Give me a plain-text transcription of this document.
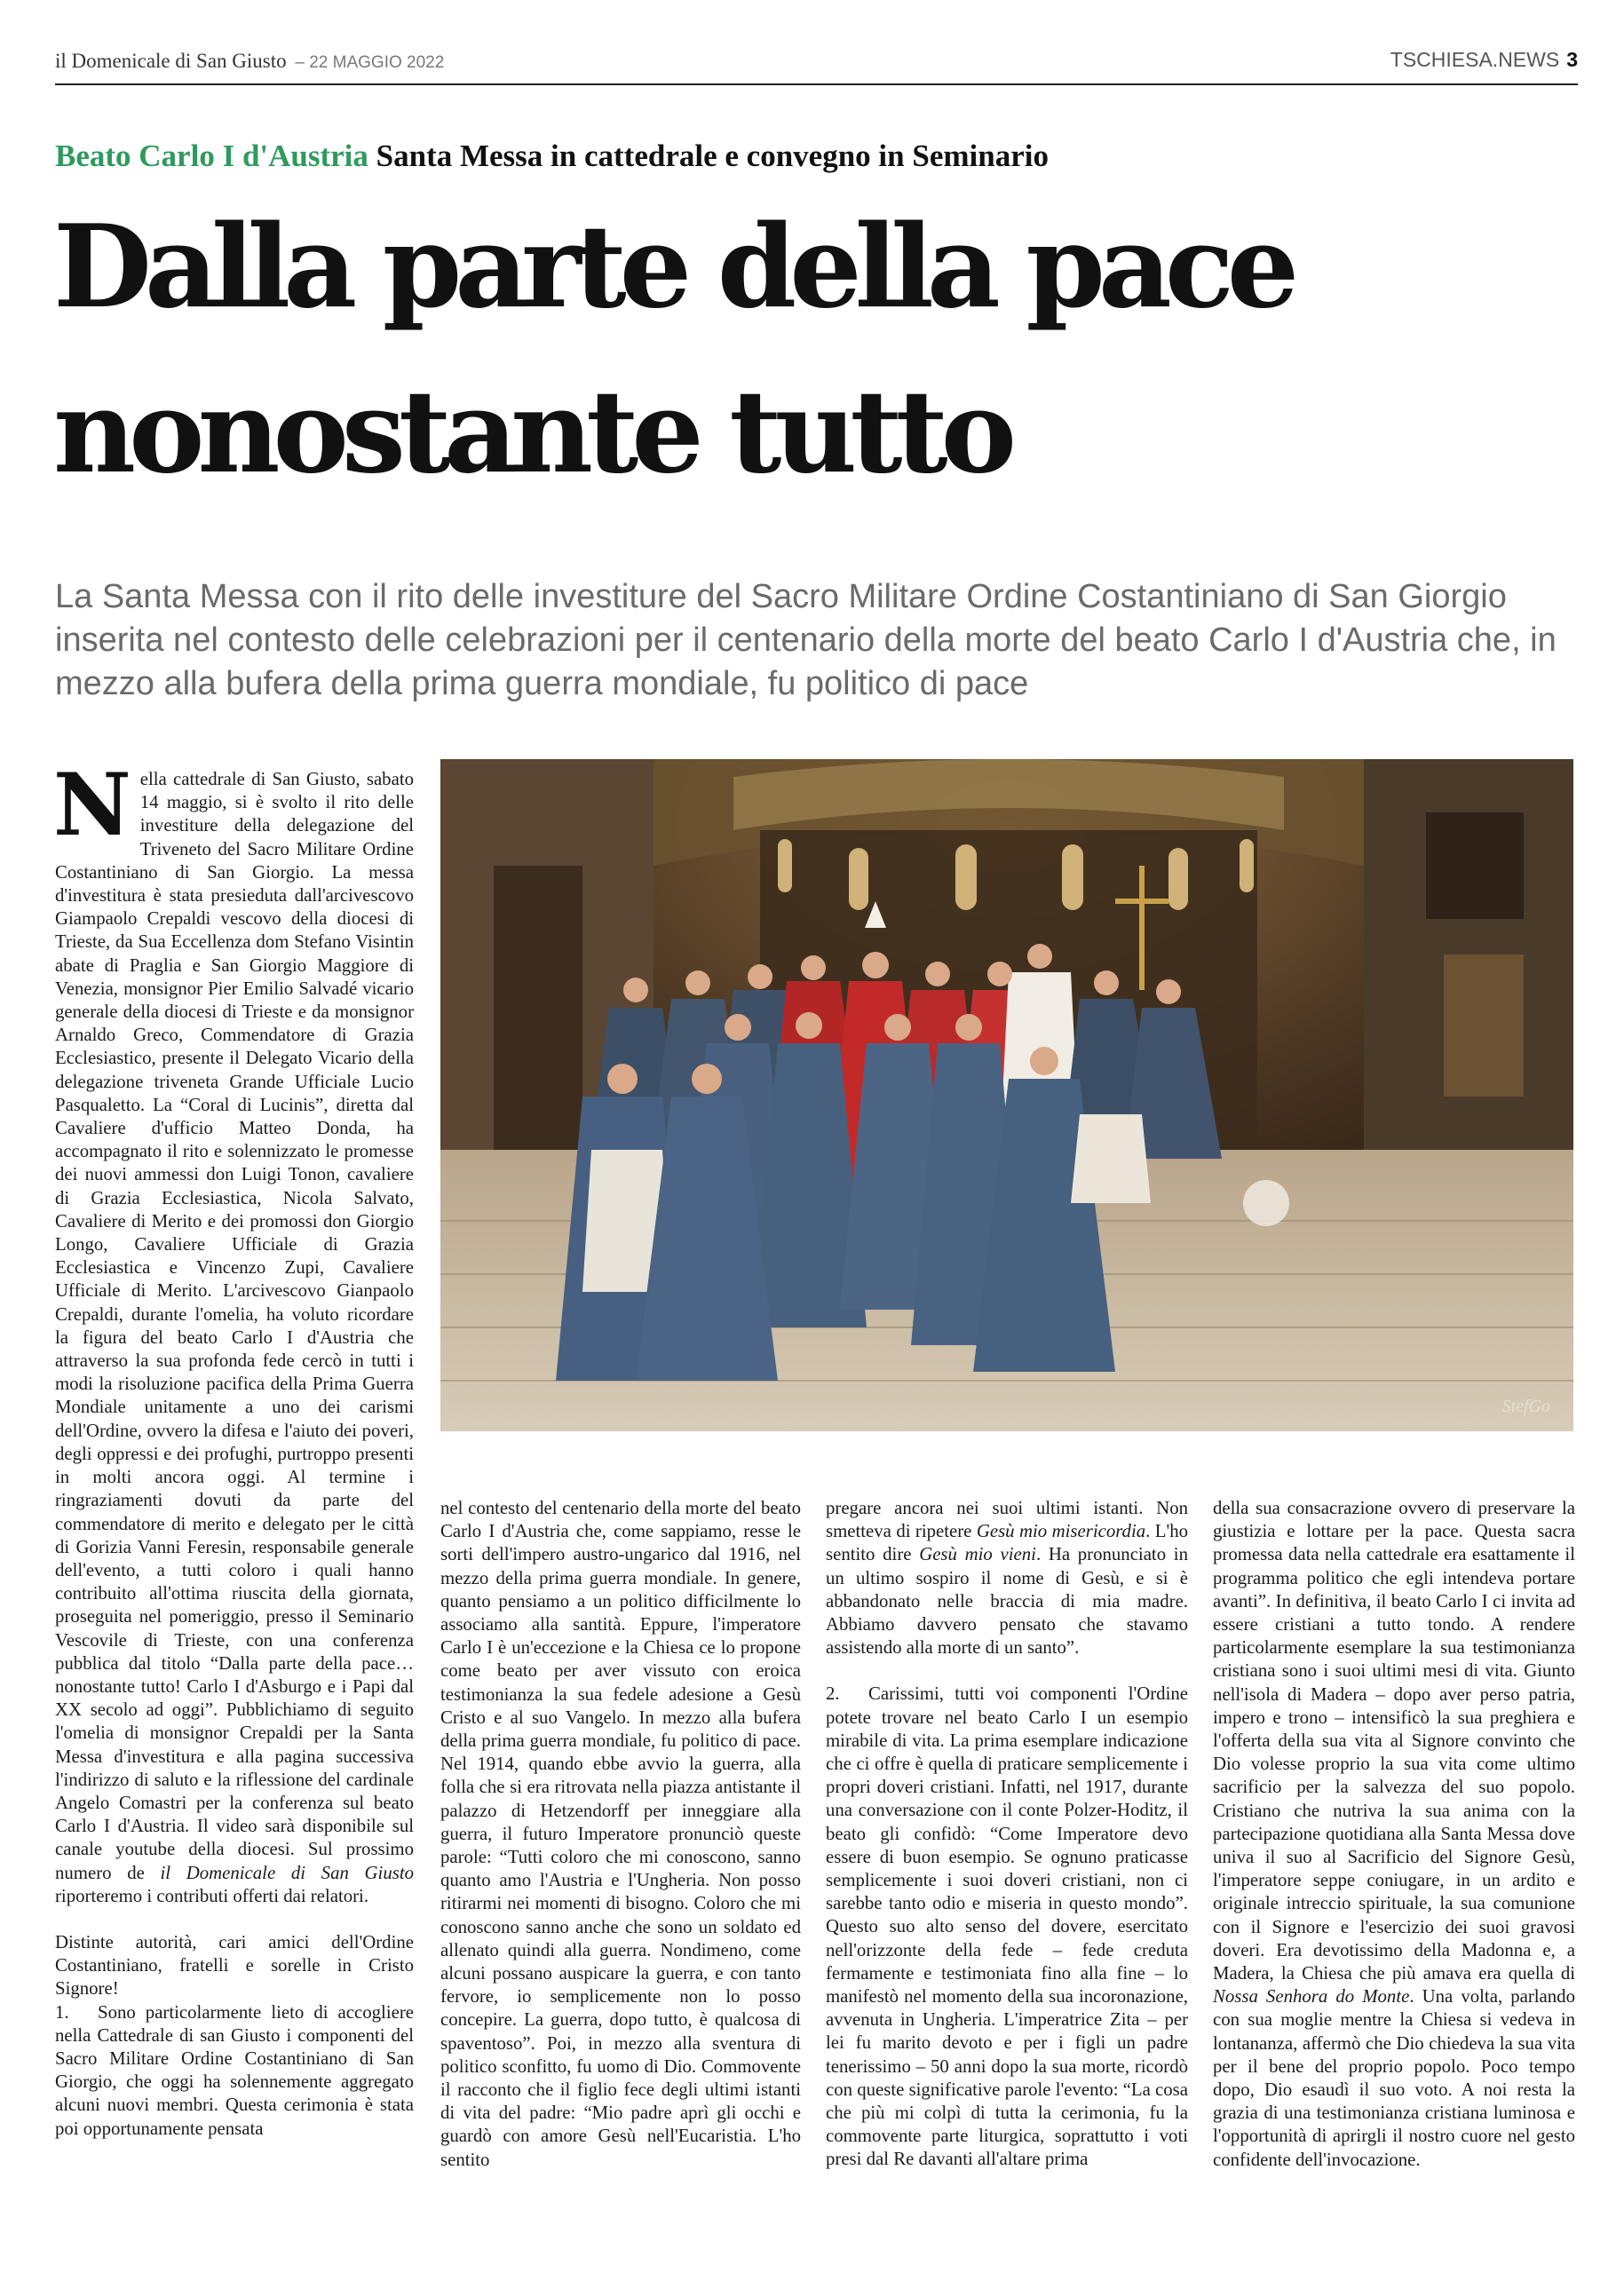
il Domenicale di San Giusto – 22 MAGGIO 2022	TSCHIESA.NEWS 3
Beato Carlo I d'Austria Santa Messa in cattedrale e convegno in Seminario
Dalla parte della pace
nonostante tutto

La Santa Messa con il rito delle investiture del Sacro Militare Ordine Costantiniano di San Giorgio inserita nel contesto delle celebrazioni per il centenario della morte del beato Carlo I d'Austria che, in mezzo alla bufera della prima guerra mondiale, fu politico di pace

Nella cattedrale di San Giusto, sabato 14 maggio, si è svolto il rito delle investiture della delegazione del Triveneto del Sacro Militare Ordine Costantiniano di San Giorgio. La messa d'investitura è stata presieduta dall'arcivescovo Giampaolo Crepaldi vescovo della diocesi di Trieste, da Sua Eccellenza dom Stefano Visintin abate di Praglia e San Giorgio Maggiore di Venezia, monsignor Pier Emilio Salvadé vicario generale della diocesi di Trieste e da monsignor Arnaldo Greco, Commendatore di Grazia Ecclesiastico, presente il Delegato Vicario della delegazione triveneta Grande Ufficiale Lucio Pasqualetto. La “Coral di Lucinis”, diretta dal Cavaliere d'ufficio Matteo Donda, ha accompagnato il rito e solennizzato le promesse dei nuovi ammessi don Luigi Tonon, cavaliere di Grazia Ecclesiastica, Nicola Salvato, Cavaliere di Merito e dei promossi don Giorgio Longo, Cavaliere Ufficiale di Grazia Ecclesiastica e Vincenzo Zupi, Cavaliere Ufficiale di Merito. L'arcivescovo Gianpaolo Crepaldi, durante l'omelia, ha voluto ricordare la figura del beato Carlo I d'Austria che attraverso la sua profonda fede cercò in tutti i modi la risoluzione pacifica della Prima Guerra Mondiale unitamente a uno dei carismi dell'Ordine, ovvero la difesa e l'aiuto dei poveri, degli oppressi e dei profughi, purtroppo presenti in molti ancora oggi. Al termine i ringraziamenti dovuti da parte del commendatore di merito e delegato per le città di Gorizia Vanni Feresin, responsabile generale dell'evento, a tutti coloro i quali hanno contribuito all'ottima riuscita della giornata, proseguita nel pomeriggio, presso il Seminario Vescovile di Trieste, con una conferenza pubblica dal titolo “Dalla parte della pace…nonostante tutto! Carlo I d'Asburgo e i Papi dal XX secolo ad oggi”. Pubblichiamo di seguito l'omelia di monsignor Crepaldi per la Santa Messa d'investitura e alla pagina successiva l'indirizzo di saluto e la riflessione del cardinale Angelo Comastri per la conferenza sul beato Carlo I d'Austria. Il video sarà disponibile sul canale youtube della diocesi. Sul prossimo numero de il Domenicale di San Giusto riporteremo i contributi offerti dai relatori.

Distinte autorità, cari amici dell'Ordine Costantiniano, fratelli e sorelle in Cristo Signore!

1. Sono particolarmente lieto di accogliere nella Cattedrale di san Giusto i componenti del Sacro Militare Ordine Costantiniano di San Giorgio, che oggi ha solennemente aggregato alcuni nuovi membri. Questa cerimonia è stata poi opportunamente pensata

StefGo

nel contesto del centenario della morte del beato Carlo I d'Austria che, come sappiamo, resse le sorti dell'impero austro-ungarico dal 1916, nel mezzo della prima guerra mondiale. In genere, quanto pensiamo a un politico difficilmente lo associamo alla santità. Eppure, l'imperatore Carlo I è un'eccezione e la Chiesa ce lo propone come beato per aver vissuto con eroica testimonianza la sua fedele adesione a Gesù Cristo e al suo Vangelo. In mezzo alla bufera della prima guerra mondiale, fu politico di pace. Nel 1914, quando ebbe avvio la guerra, alla folla che si era ritrovata nella piazza antistante il palazzo di Hetzendorff per inneggiare alla guerra, il futuro Imperatore pronunciò queste parole: “Tutti coloro che mi conoscono, sanno quanto amo l'Austria e l'Ungheria. Non posso ritirarmi nei momenti di bisogno. Coloro che mi conoscono sanno anche che sono un soldato ed allenato quindi alla guerra. Nondimeno, come alcuni possano auspicare la guerra, e con tanto fervore, io semplicemente non lo posso concepire. La guerra, dopo tutto, è qualcosa di spaventoso”. Poi, in mezzo alla sventura di politico sconfitto, fu uomo di Dio. Commovente il racconto che il figlio fece degli ultimi istanti di vita del padre: “Mio padre aprì gli occhi e guardò con amore Gesù nell'Eucaristia. L'ho sentito

pregare ancora nei suoi ultimi istanti. Non smetteva di ripetere Gesù mio misericordia. L'ho sentito dire Gesù mio vieni. Ha pronunciato in un ultimo sospiro il nome di Gesù, e si è abbandonato nelle braccia di mia madre. Abbiamo davvero pensato che stavamo assistendo alla morte di un santo”.

2. Carissimi, tutti voi componenti l'Ordine potete trovare nel beato Carlo I un esempio mirabile di vita. La prima esemplare indicazione che ci offre è quella di praticare semplicemente i propri doveri cristiani. Infatti, nel 1917, durante una conversazione con il conte Polzer-Hoditz, il beato gli confidò: “Come Imperatore devo essere di buon esempio. Se ognuno praticasse semplicemente i suoi doveri cristiani, non ci sarebbe tanto odio e miseria in questo mondo”. Questo suo alto senso del dovere, esercitato nell'orizzonte della fede – fede creduta fermamente e testimoniata fino alla fine – lo manifestò nel momento della sua incoronazione, avvenuta in Ungheria. L'imperatrice Zita – per lei fu marito devoto e per i figli un padre tenerissimo – 50 anni dopo la sua morte, ricordò con queste significative parole l'evento: “La cosa che più mi colpì di tutta la cerimonia, fu la commovente parte liturgica, soprattutto i voti presi dal Re davanti all'altare prima

della sua consacrazione ovvero di preservare la giustizia e lottare per la pace. Questa sacra promessa data nella cattedrale era esattamente il programma politico che egli intendeva portare avanti”. In definitiva, il beato Carlo I ci invita ad essere cristiani a tutto tondo. A rendere particolarmente esemplare la sua testimonianza cristiana sono i suoi ultimi mesi di vita. Giunto nell'isola di Madera – dopo aver perso patria, impero e trono – intensificò la sua preghiera e l'offerta della sua vita al Signore convinto che Dio volesse proprio la sua vita come ultimo sacrificio per la salvezza del suo popolo. Cristiano che nutriva la sua anima con la partecipazione quotidiana alla Santa Messa dove univa il suo al Sacrificio del Signore Gesù, l'imperatore seppe coniugare, in un ardito e originale intreccio spirituale, la sua comunione con il Signore e l'esercizio dei suoi gravosi doveri. Era devotissimo della Madonna e, a Madera, la Chiesa che più amava era quella di Nossa Senhora do Monte. Una volta, parlando con sua moglie mentre la Chiesa si vedeva in lontananza, affermò che Dio chiedeva la sua vita per il bene del proprio popolo. Poco tempo dopo, Dio esaudì il suo voto. A noi resta la grazia di una testimonianza cristiana luminosa e l'opportunità di aprirgli il nostro cuore nel gesto confidente dell'invocazione.
